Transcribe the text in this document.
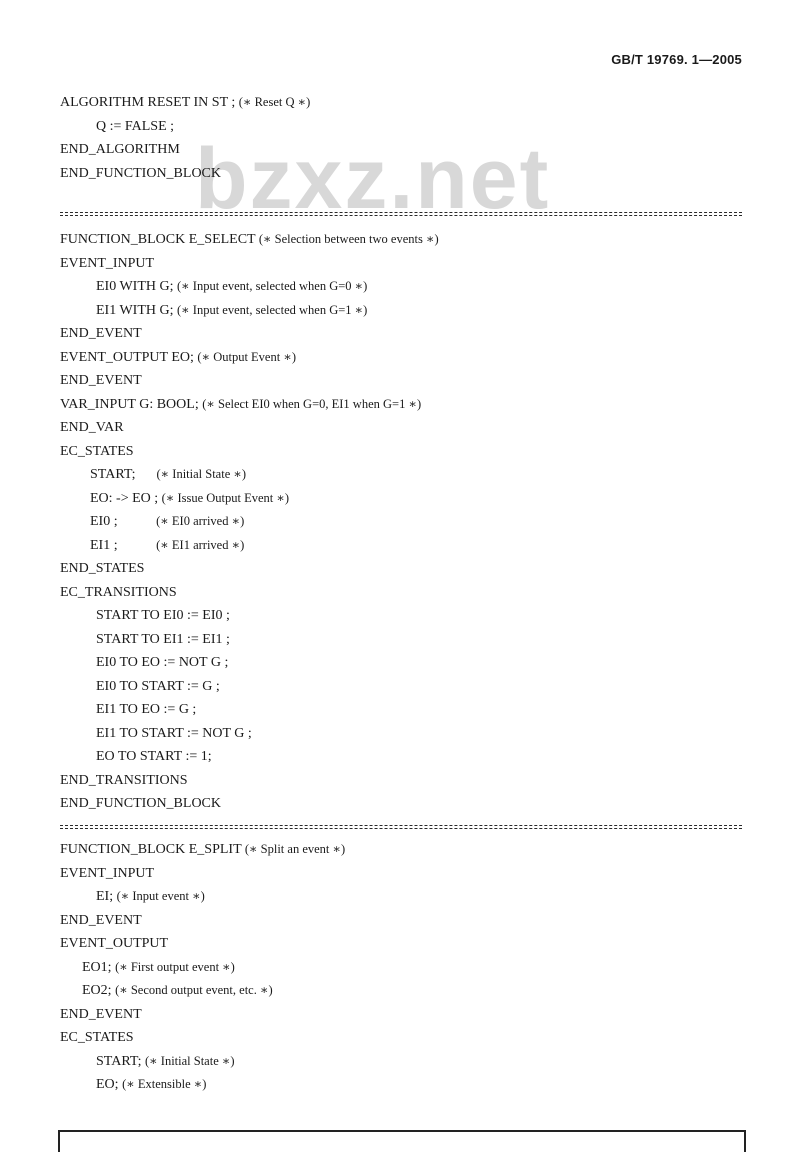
GB/T 19769. 1—2005
bzxz.net
ALGORITHM RESET IN ST ; (∗ Reset Q ∗)
Q := FALSE ;
END_ALGORITHM
END_FUNCTION_BLOCK
FUNCTION_BLOCK E_SELECT (∗ Selection between two events ∗)
EVENT_INPUT
EI0 WITH G; (∗ Input event, selected when G=0 ∗)
EI1 WITH G; (∗ Input event, selected when G=1 ∗)
END_EVENT
EVENT_OUTPUT EO; (∗ Output Event ∗)
END_EVENT
VAR_INPUT G: BOOL; (∗ Select EI0 when G=0, EI1 when G=1 ∗)
END_VAR
EC_STATES
START;      (∗ Initial State ∗)
EO: -> EO ; (∗ Issue Output Event ∗)
EI0 ;           (∗ EI0 arrived ∗)
EI1 ;           (∗ EI1 arrived ∗)
END_STATES
EC_TRANSITIONS
START TO EI0 := EI0 ;
START TO EI1 := EI1 ;
EI0 TO EO := NOT G ;
EI0 TO START := G ;
EI1 TO EO := G ;
EI1 TO START := NOT G ;
EO TO START := 1;
END_TRANSITIONS
END_FUNCTION_BLOCK
FUNCTION_BLOCK E_SPLIT (∗ Split an event ∗)
EVENT_INPUT
EI; (∗ Input event ∗)
END_EVENT
EVENT_OUTPUT
EO1; (∗ First output event ∗)
EO2; (∗ Second output event, etc. ∗)
END_EVENT
EC_STATES
START; (∗ Initial State ∗)
EO; (∗ Extensible ∗)
